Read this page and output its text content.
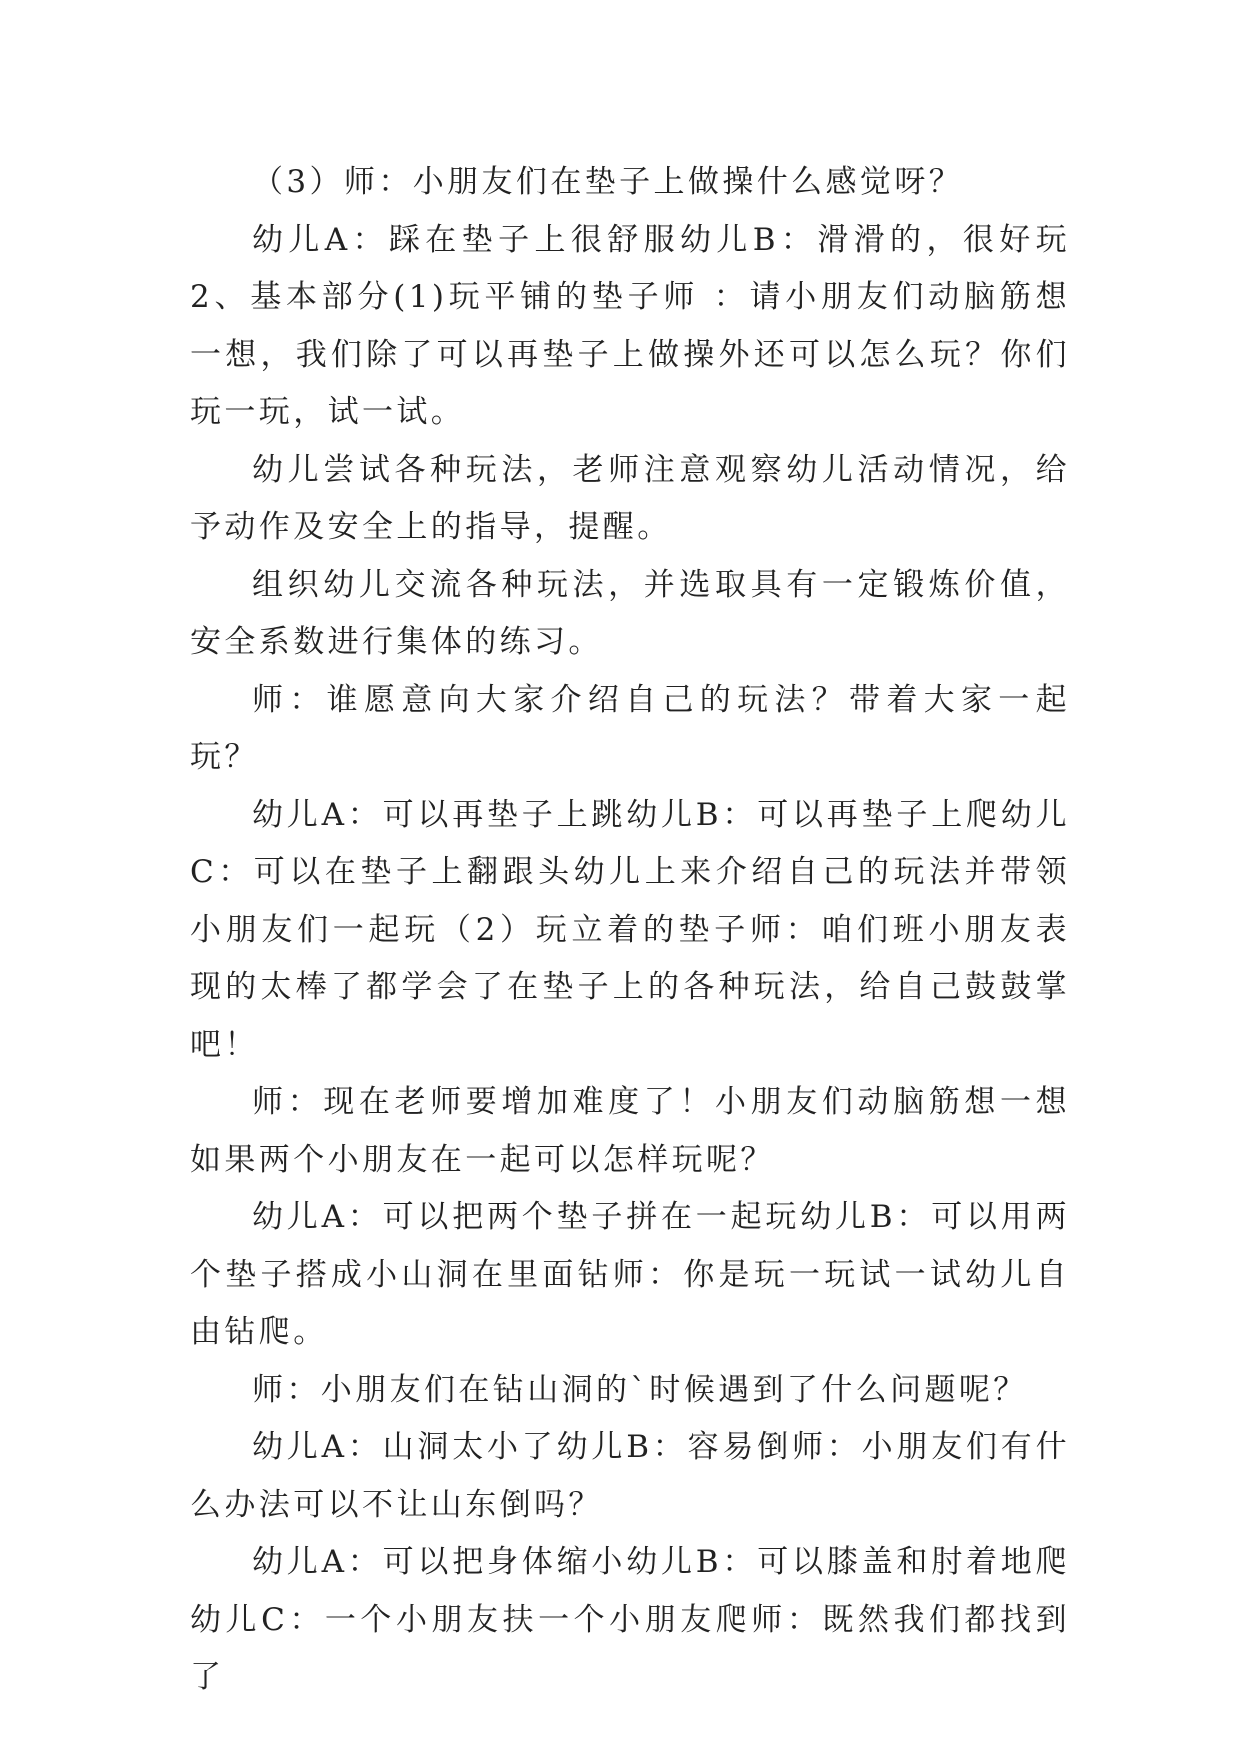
（3）师：小朋友们在垫子上做操什么感觉呀？

幼儿A：踩在垫子上很舒服幼儿B：滑滑的，很好玩2、基本部分(1)玩平铺的垫子师 ：请小朋友们动脑筋想一想，我们除了可以再垫子上做操外还可以怎么玩？你们玩一玩，试一试。

幼儿尝试各种玩法，老师注意观察幼儿活动情况，给予动作及安全上的指导，提醒。

组织幼儿交流各种玩法，并选取具有一定锻炼价值，安全系数进行集体的练习。

师：谁愿意向大家介绍自己的玩法？带着大家一起玩？

幼儿A：可以再垫子上跳幼儿B：可以再垫子上爬幼儿C：可以在垫子上翻跟头幼儿上来介绍自己的玩法并带领小朋友们一起玩（2）玩立着的垫子师：咱们班小朋友表现的太棒了都学会了在垫子上的各种玩法，给自己鼓鼓掌吧！

师：现在老师要增加难度了！小朋友们动脑筋想一想如果两个小朋友在一起可以怎样玩呢？

幼儿A：可以把两个垫子拼在一起玩幼儿B：可以用两个垫子搭成小山洞在里面钻师：你是玩一玩试一试幼儿自由钻爬。

师：小朋友们在钻山洞的`时候遇到了什么问题呢？

幼儿A：山洞太小了幼儿B：容易倒师：小朋友们有什么办法可以不让山东倒吗？

幼儿A：可以把身体缩小幼儿B：可以膝盖和肘着地爬幼儿C：一个小朋友扶一个小朋友爬师：既然我们都找到了
